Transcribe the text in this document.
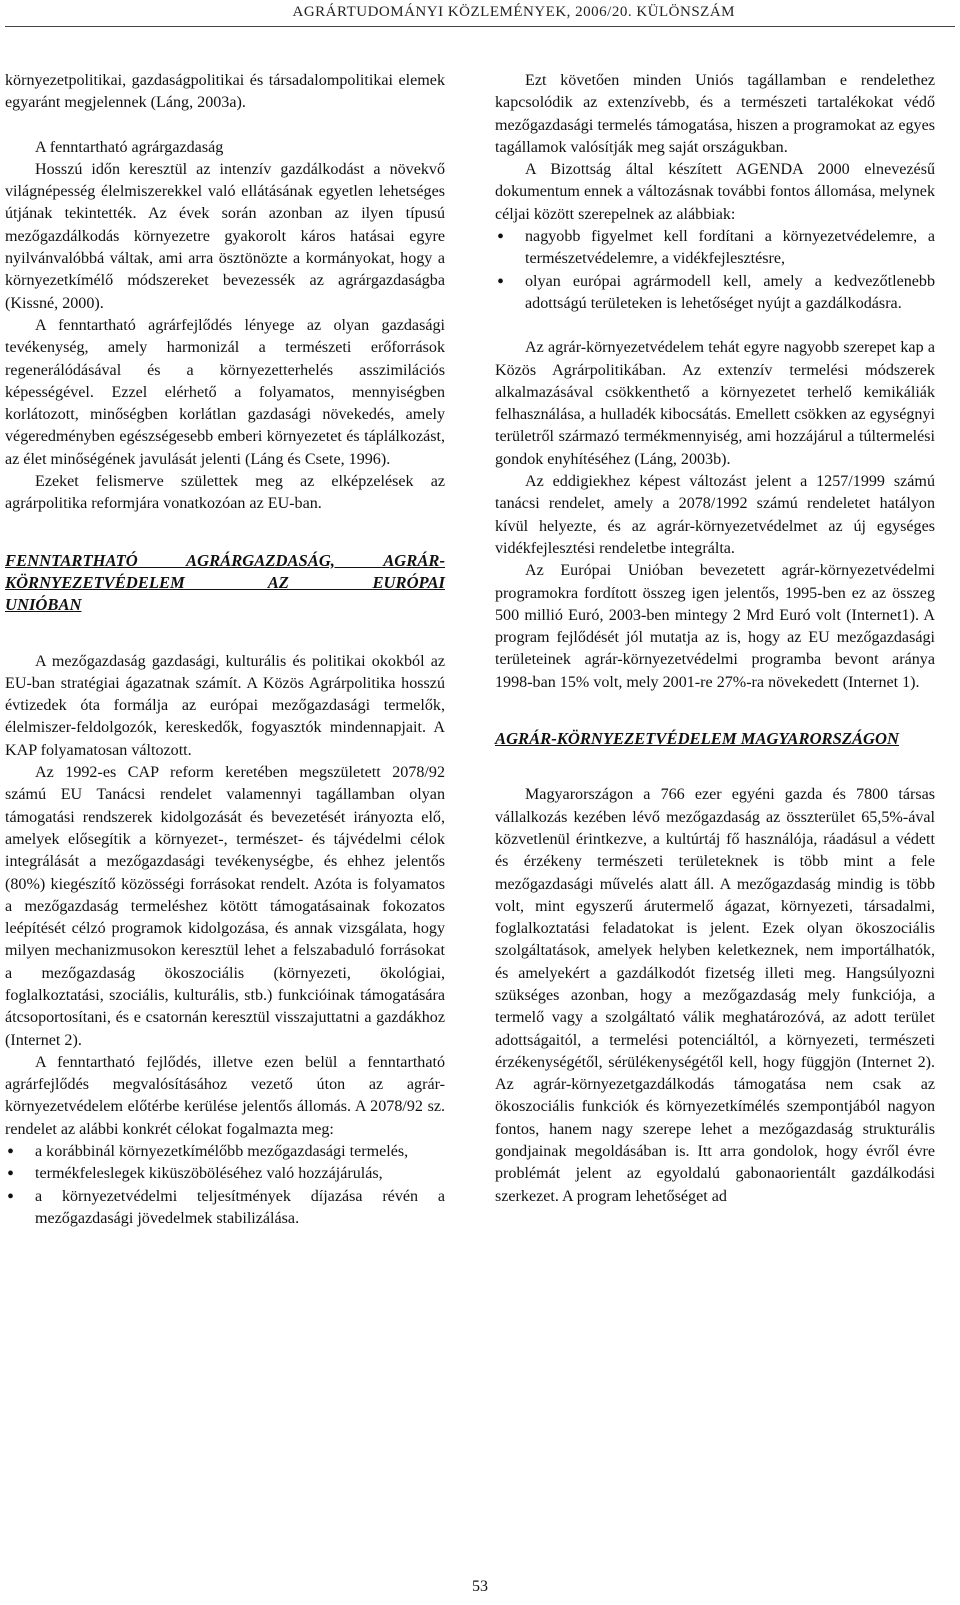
AGRÁRTUDOMÁNYI KÖZLEMÉNYEK, 2006/20. KÜLÖNSZÁM

környezetpolitikai, gazdaságpolitikai és társadalompolitikai elemek egyaránt megjelennek (Láng, 2003a).

A fenntartható agrárgazdaság

Hosszú időn keresztül az intenzív gazdálkodást a növekvő világnépesség élelmiszerekkel való ellátásának egyetlen lehetséges útjának tekintették. Az évek során azonban az ilyen típusú mezőgazdálkodás környezetre gyakorolt káros hatásai egyre nyilvánvalóbbá váltak, ami arra ösztönözte a kormányokat, hogy a környezetkímélő módszereket bevezessék az agrárgazdaságba (Kissné, 2000).

A fenntartható agrárfejlődés lényege az olyan gazdasági tevékenység, amely harmonizál a természeti erőforrások regenerálódásával és a környezetterhelés asszimilációs képességével. Ezzel elérhető a folyamatos, mennyiségben korlátozott, minőségben korlátlan gazdasági növekedés, amely végeredményben egészségesebb emberi környezetet és táplálkozást, az élet minőségének javulását jelenti (Láng és Csete, 1996).

Ezeket felismerve születtek meg az elképzelések az agrárpolitika reformjára vonatkozóan az EU-ban.

FENNTARTHATÓ AGRÁRGAZDASÁG, AGRÁR- KÖRNYEZETVÉDELEM AZ EURÓPAI
UNIÓBAN

A mezőgazdaság gazdasági, kulturális és politikai okokból az EU-ban stratégiai ágazatnak számít. A Közös Agrárpolitika hosszú évtizedek óta formálja az európai mezőgazdasági termelők, élelmiszer-feldolgozók, kereskedők, fogyasztók mindennapjait. A KAP folyamatosan változott.

Az 1992-es CAP reform keretében megszületett 2078/92 számú EU Tanácsi rendelet valamennyi tagállamban olyan támogatási rendszerek kidolgozását és bevezetését irányozta elő, amelyek elősegítik a környezet-, természet- és tájvédelmi célok integrálását a mezőgazdasági tevékenységbe, és ehhez jelentős (80%) kiegészítő közösségi forrásokat rendelt. Azóta is folyamatos a mezőgazdaság termeléshez kötött támogatásainak fokozatos leépítését célzó programok kidolgozása, és annak vizsgálata, hogy milyen mechanizmusokon keresztül lehet a felszabaduló forrásokat a mezőgazdaság ökoszociális (környezeti, ökológiai, foglalkoztatási, szociális, kulturális, stb.) funkcióinak támogatására átcsoportosítani, és e csatornán keresztül visszajuttatni a gazdákhoz (Internet 2).

A fenntartható fejlődés, illetve ezen belül a fenntartható agrárfejlődés megvalósításához vezető úton az agrár-környezetvédelem előtérbe kerülése jelentős állomás. A 2078/92 sz. rendelet az alábbi konkrét célokat fogalmazta meg:

• a korábbinál környezetkímélőbb mezőgazdasági termelés,
• termékfeleslegek kiküszöböléséhez való hozzájárulás,
• a környezetvédelmi teljesítmények díjazása révén a mezőgazdasági jövedelmek stabilizálása.

Ezt követően minden Uniós tagállamban e rendelethez kapcsolódik az extenzívebb, és a természeti tartalékokat védő mezőgazdasági termelés támogatása, hiszen a programokat az egyes tagállamok valósítják meg saját országukban.

A Bizottság által készített AGENDA 2000 elnevezésű dokumentum ennek a változásnak további fontos állomása, melynek céljai között szerepelnek az alábbiak:

• nagyobb figyelmet kell fordítani a környezetvédelemre, a természetvédelemre, a vidékfejlesztésre,
• olyan európai agrármodell kell, amely a kedvezőtlenebb adottságú területeken is lehetőséget nyújt a gazdálkodásra.

Az agrár-környezetvédelem tehát egyre nagyobb szerepet kap a Közös Agrárpolitikában. Az extenzív termelési módszerek alkalmazásával csökkenthető a környezetet terhelő kemikáliák felhasználása, a hulladék kibocsátás. Emellett csökken az egységnyi területről származó termékmennyiség, ami hozzájárul a túltermelési gondok enyhítéséhez (Láng, 2003b).

Az eddigiekhez képest változást jelent a 1257/1999 számú tanácsi rendelet, amely a 2078/1992 számú rendeletet hatályon kívül helyezte, és az agrár-környezetvédelmet az új egységes vidékfejlesztési rendeletbe integrálta.

Az Európai Unióban bevezetett agrár-környezetvédelmi programokra fordított összeg igen jelentős, 1995-ben ez az összeg 500 millió Euró, 2003-ben mintegy 2 Mrd Euró volt (Internet1). A program fejlődését jól mutatja az is, hogy az EU mezőgazdasági területeinek agrár-környezetvédelmi programba bevont aránya 1998-ban 15% volt, mely 2001-re 27%-ra növekedett (Internet 1).

AGRÁR-KÖRNYEZETVÉDELEM MAGYARORSZÁGON

Magyarországon a 766 ezer egyéni gazda és 7800 társas vállalkozás kezében lévő mezőgazdaság az összterület 65,5%-ával közvetlenül érintkezve, a kultúrtáj fő használója, ráadásul a védett és érzékeny természeti területeknek is több mint a fele mezőgazdasági művelés alatt áll. A mezőgazdaság mindig is több volt, mint egyszerű árutermelő ágazat, környezeti, társadalmi, foglalkoztatási feladatokat is jelent. Ezek olyan ökoszociális szolgáltatások, amelyek helyben keletkeznek, nem importálhatók, és amelyekért a gazdálkodót fizetség illeti meg. Hangsúlyozni szükséges azonban, hogy a mezőgazdaság mely funkciója, a termelő vagy a szolgáltató válik meghatározóvá, az adott terület adottságaitól, a termelési potenciáltól, a környezeti, természeti érzékenységétől, sérülékenységétől kell, hogy függjön (Internet 2). Az agrár-környezetgazdálkodás támogatása nem csak az ökoszociális funkciók és környezetkímélés szempontjából nagyon fontos, hanem nagy szerepe lehet a mezőgazdaság strukturális gondjainak megoldásában is. Itt arra gondolok, hogy évről évre problémát jelent az egyoldalú gabonaorientált gazdálkodási szerkezet. A program lehetőséget ad

53
